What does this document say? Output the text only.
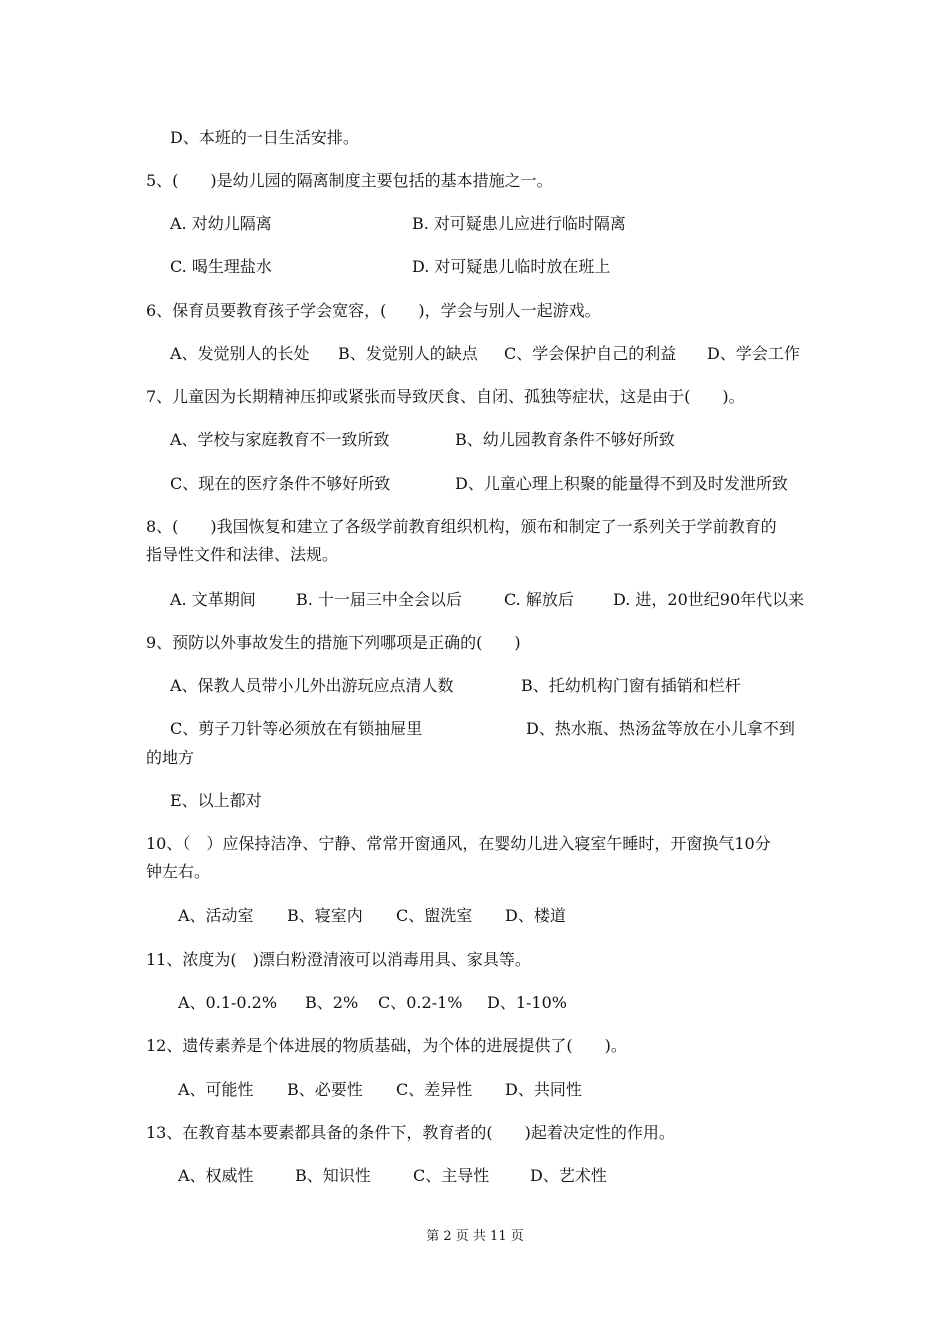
D、本班的一日生活安排。

5、(　　)是幼儿园的隔离制度主要包括的基本措施之一。

A. 对幼儿隔离	B. 对可疑患儿应进行临时隔离

C. 喝生理盐水	D. 对可疑患儿临时放在班上

6、保育员要教育孩子学会宽容，(　　)，学会与别人一起游戏。

A、发觉别人的长处 B、发觉别人的缺点 C、学会保护自己的利益 D、学会工作

7、儿童因为长期精神压抑或紧张而导致厌食、自闭、孤独等症状，这是由于(　　)。

A、学校与家庭教育不一致所致	B、幼儿园教育条件不够好所致

C、现在的医疗条件不够好所致	D、儿童心理上积聚的能量得不到及时发泄所致

8、(　　)我国恢复和建立了各级学前教育组织机构，颁布和制定了一系列关于学前教育的

指导性文件和法律、法规。

A. 文革期间	B. 十一届三中全会以后	C. 解放后 D. 进，20世纪90年代以来

9、预防以外事故发生的措施下列哪项是正确的(　　)

A、保教人员带小儿外出游玩应点清人数	B、托幼机构门窗有插销和栏杆

C、剪子刀针等必须放在有锁抽屉里	D、热水瓶、热汤盆等放在小儿拿不到

的地方

E、以上都对

10、（　）应保持洁净、宁静、常常开窗通风，在婴幼儿进入寝室午睡时，开窗换气10分

钟左右。

A、活动室 B、寝室内 C、盥洗室 D、楼道

11、浓度为(　)漂白粉澄清液可以消毒用具、家具等。

A、0.1-0.2% B、2% C、0.2-1% D、1-10%

12、遗传素养是个体进展的物质基础，为个体的进展提供了(　　)。

A、可能性 B、必要性 C、差异性 D、共同性

13、在教育基本要素都具备的条件下，教育者的(　　)起着决定性的作用。

A、权威性	B、知识性	C、主导性	D、艺术性

第 2 页 共 11 页
